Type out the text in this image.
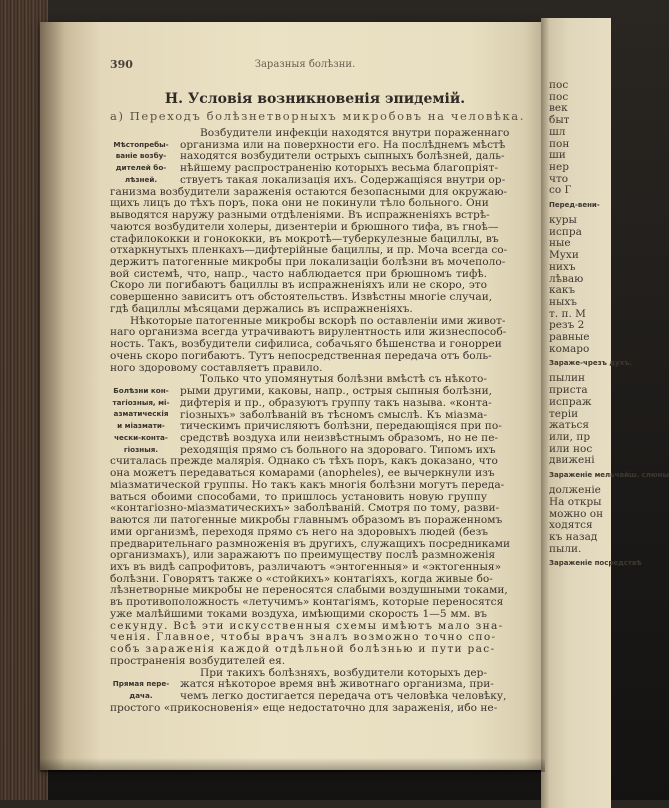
390	Заразныя болѣзни.
Н. Условія возникновенія эпидемій.
а) Переходъ болѣзнетворныхъ микробовъ на человѣка.
Возбудители инфекціи находятся внутри пораженнаго
организма или на поверхности его. На послѣднемъ мѣстѣ
находятся возбудители острыхъ сыпныхъ болѣзней, даль-
нѣйшему распространенію которыхъ весьма благопріят-
ствуетъ такая локализація ихъ. Содержащіяся внутри ор-
ганизма возбудители зараженія остаются безопасными для окружаю-
щихъ лицъ до тѣхъ поръ, пока они не покинули тѣло больного. Они
выводятся наружу разными отдѣленіями. Въ испражненіяхъ встрѣ-
чаются возбудители холеры, дизентеріи и брюшного тифа, въ гноѣ—
стафилококки и гонококки, въ мокротѣ—туберкулезные бациллы, въ
отхаркнутыхъ пленкахъ—дифтерійные бациллы, и пр. Моча всегда со-
держитъ патогенные микробы при локализаціи болѣзни въ мочеполо-
вой системѣ, что, напр., часто наблюдается при брюшномъ тифѣ.
Скоро ли погибаютъ бациллы въ испражненіяхъ или не скоро, это
совершенно зависитъ отъ обстоятельствъ. Извѣстны многіе случаи,
гдѣ бациллы мѣсяцами держались въ испражненіяхъ.
Нѣкоторые патогенные микробы вскорѣ по оставленіи ими живот-
наго организма всегда утрачиваютъ вирулентность или жизнеспособ-
ность. Такъ, возбудители сифилиса, собачьяго бѣшенства и гонорреи
очень скоро погибаютъ. Тутъ непосредственная передача отъ боль-
ного здоровому составляетъ правило.
Только что упомянутыя болѣзни вмѣстѣ съ нѣкото-
рыми другими, каковы, напр., острыя сыпныя болѣзни,
дифтерія и пр., образуютъ группу такъ называ. «конта-
гіозныхъ» заболѣваній въ тѣсномъ смыслѣ. Къ міазма-
тическимъ причисляютъ болѣзни, передающіяся при по-
средствѣ воздуха или неизвѣстнымъ образомъ, но не пе-
реходящія прямо съ больного на здороваго. Типомъ ихъ
считалась прежде малярія. Однако съ тѣхъ поръ, какъ доказано, что
она можетъ передаваться комарами (anopheles), ее вычеркнули изъ
міазматической группы. Но такъ какъ многія болѣзни могутъ переда-
ваться обоими способами, то пришлось установить новую группу
«контагіозно-міазматическихъ» заболѣваній. Смотря по тому, разви-
ваются ли патогенные микробы главнымъ образомъ въ пораженномъ
ими организмѣ, переходя прямо съ него на здоровыхъ людей (безъ
предварительнаго размноженія въ другихъ, служащихъ посредниками
организмахъ), или заражаютъ по преимуществу послѣ размноженія
ихъ въ видѣ сапрофитовъ, различаютъ «энтогенныя» и «эктогенныя»
болѣзни. Говорятъ также о «стойкихъ» контагіяхъ, когда живые бо-
лѣзнетворные микробы не переносятся слабыми воздушными токами,
въ противоположность «летучимъ» контагіямъ, которые переносятся
уже малѣйшими токами воздуха, имѣющими скорость 1—5 мм. въ
секунду. Всѣ эти искусственныя схемы имѣютъ мало зна-
ченія. Главное, чтобы врачъ зналъ возможно точно спо-
собъ зараженія каждой отдѣльной болѣзнью и пути рас-
пространенія возбудителей ея.
При такихъ болѣзняхъ, возбудители которыхъ дер-
жатся нѣкоторое время внѣ животнаго организма, при-
чемъ легко достигается передача отъ человѣка человѣку,
простого «прикосновенія» еще недостаточно для зараженія, ибо не-
Мѣстопребы-
ваніе возбу-
дителей бо-
лѣзней.
Болѣзни кон-
тагіозныя, мі-
азматическія
и міазмати-
чески-конта-
гіозныя.
Прямая пере-
дача.
пос
пос
век
быт
шл
пон
ши
нер
что
со Г
Перед-вени-
куры
испра
ные
Мухи
нихъ
лѣваю
какъ
ныхъ
т. п. М
резъ 2
равные
комаро
Зараже-чрезъ духъ.
пылин
приста
испраж
теріи
жаться
или, пр
или нос
движені
Зараженіе мельчайш. слюны
долженіе
На откры
можно он
ходятся
къ назад
пыли.
Зараженіе посредствѣ
